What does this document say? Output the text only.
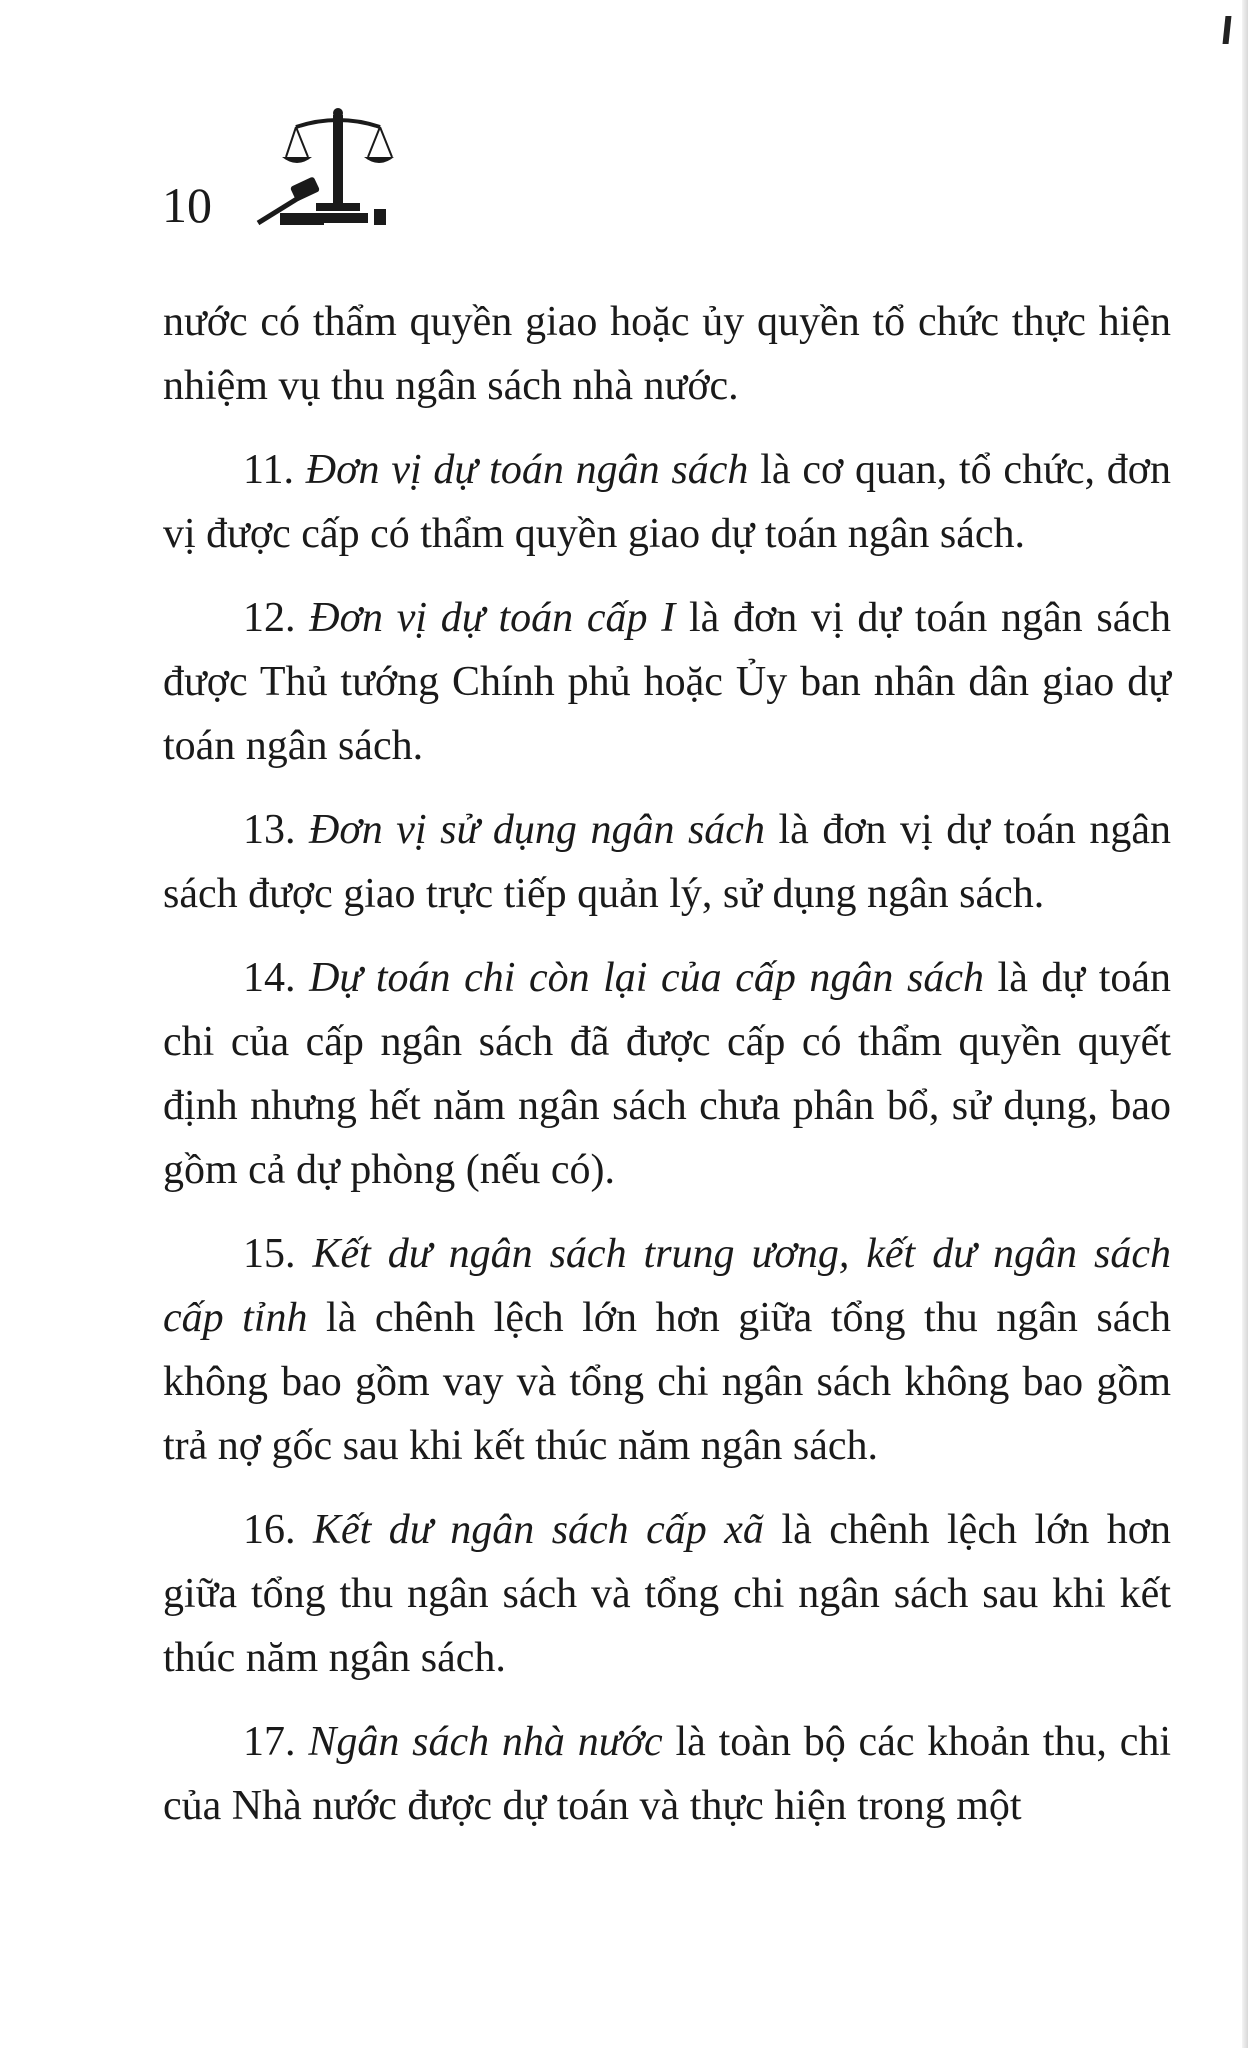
10

nước có thẩm quyền giao hoặc ủy quyền tổ chức thực hiện nhiệm vụ thu ngân sách nhà nước.

11. Đơn vị dự toán ngân sách là cơ quan, tổ chức, đơn vị được cấp có thẩm quyền giao dự toán ngân sách.

12. Đơn vị dự toán cấp I là đơn vị dự toán ngân sách được Thủ tướng Chính phủ hoặc Ủy ban nhân dân giao dự toán ngân sách.

13. Đơn vị sử dụng ngân sách là đơn vị dự toán ngân sách được giao trực tiếp quản lý, sử dụng ngân sách.

14. Dự toán chi còn lại của cấp ngân sách là dự toán chi của cấp ngân sách đã được cấp có thẩm quyền quyết định nhưng hết năm ngân sách chưa phân bổ, sử dụng, bao gồm cả dự phòng (nếu có).

15. Kết dư ngân sách trung ương, kết dư ngân sách cấp tỉnh là chênh lệch lớn hơn giữa tổng thu ngân sách không bao gồm vay và tổng chi ngân sách không bao gồm trả nợ gốc sau khi kết thúc năm ngân sách.

16. Kết dư ngân sách cấp xã là chênh lệch lớn hơn giữa tổng thu ngân sách và tổng chi ngân sách sau khi kết thúc năm ngân sách.

17. Ngân sách nhà nước là toàn bộ các khoản thu, chi của Nhà nước được dự toán và thực hiện trong một
